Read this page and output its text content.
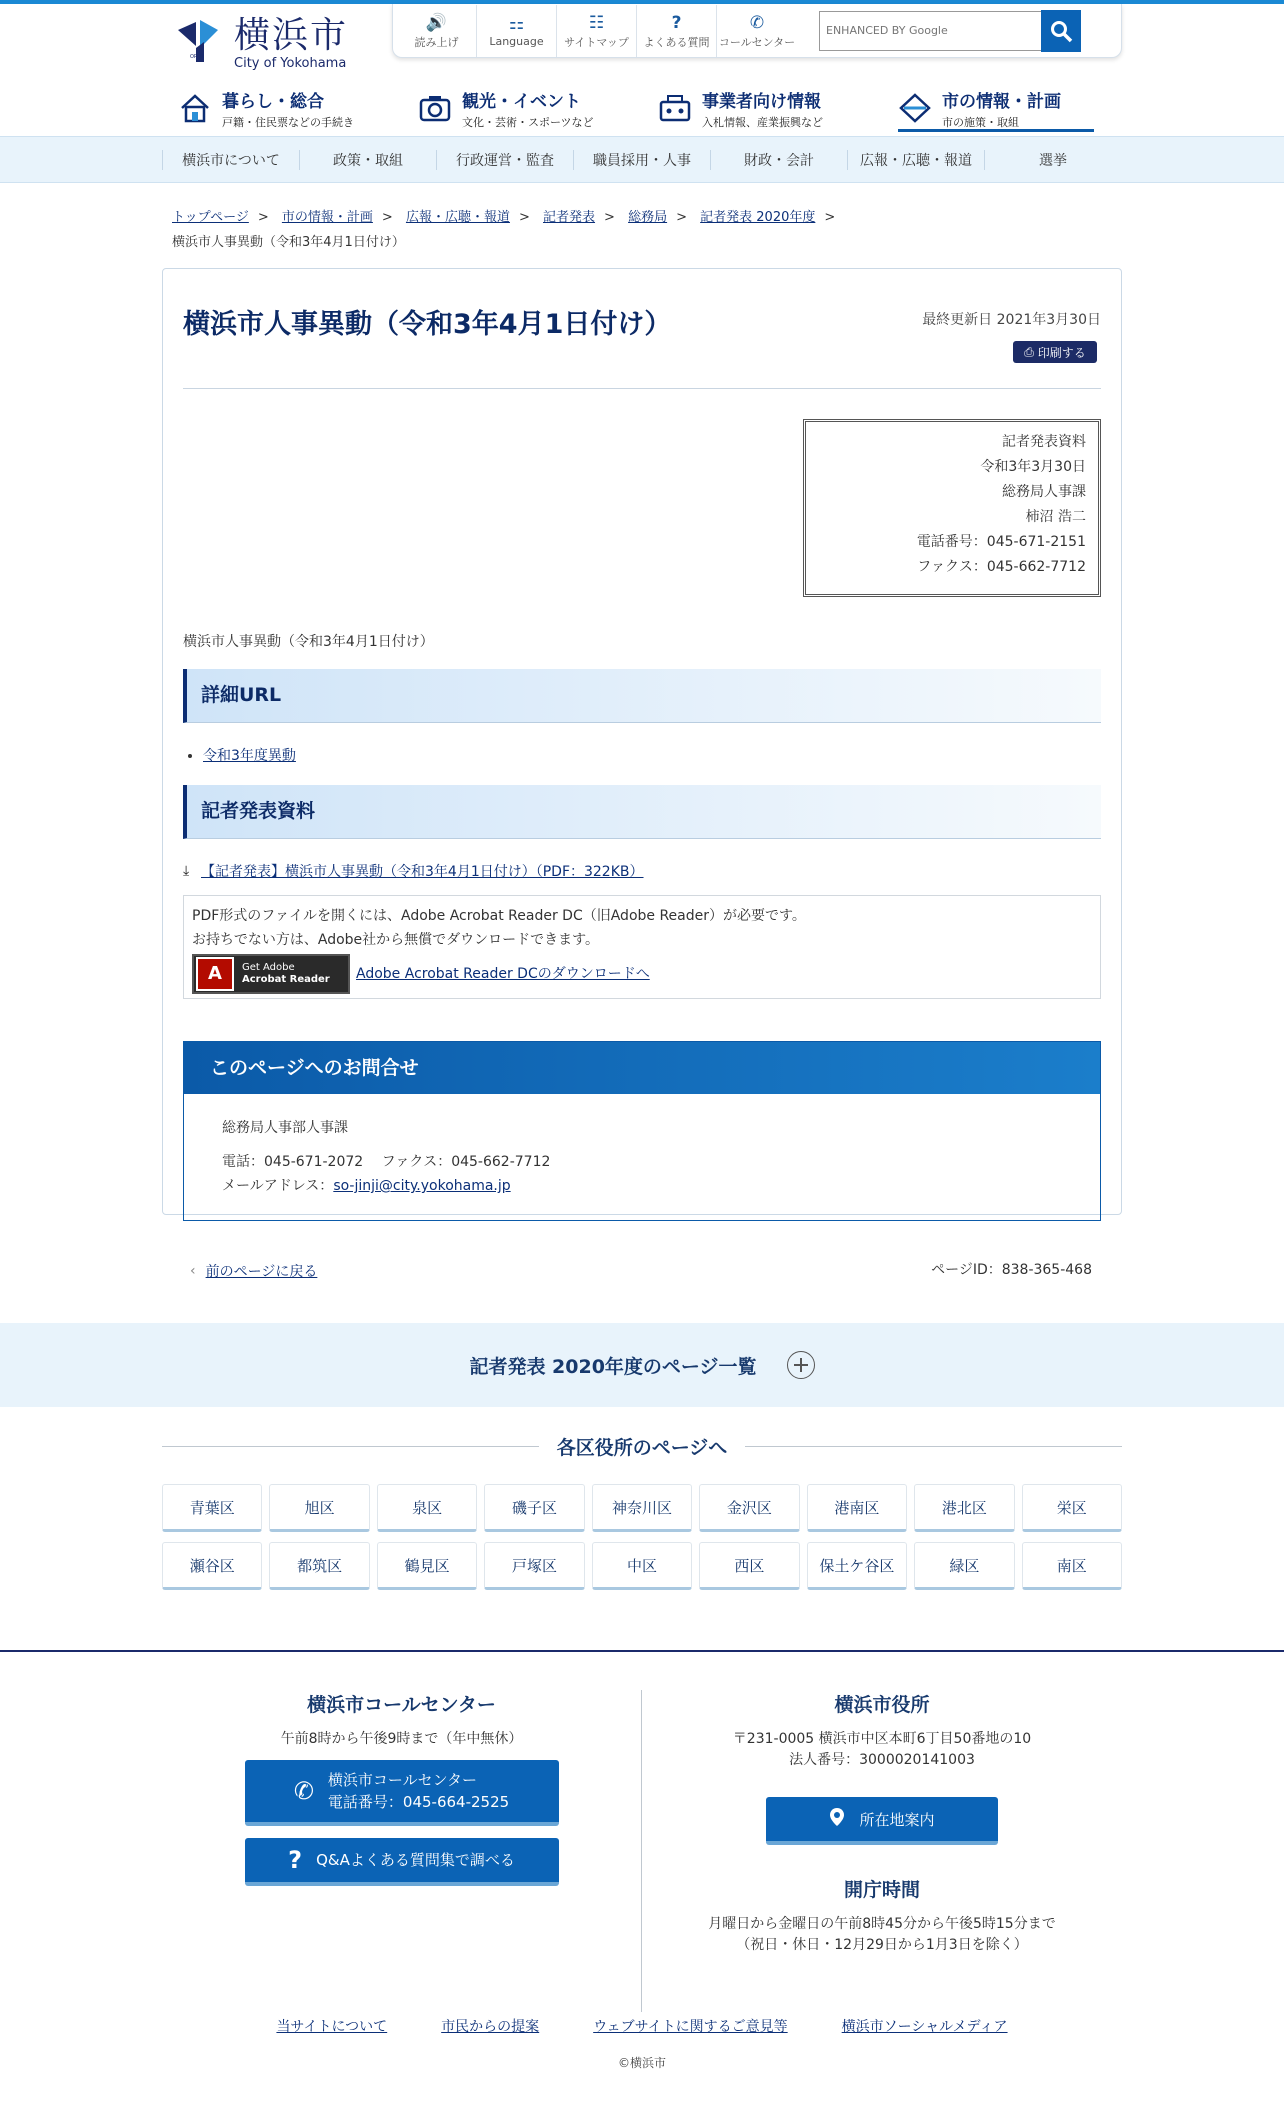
OPEN
横浜市
City of Yokohama
🔊
読み上げ
⚏
Language
☷
サイトマップ
?
よくある質問
✆
コールセンター
ENHANCED BY Google
暮らし・総合
戸籍・住民票などの手続き
観光・イベント
文化・芸術・スポーツなど
事業者向け情報
入札情報、産業振興など
市の情報・計画
市の施策・取組
横浜市について	政策・取組	行政運営・監査	職員採用・人事	財政・会計	広報・広聴・報道	選挙
トップページ > 市の情報・計画 > 広報・広聴・報道 > 記者発表 > 総務局 > 記者発表 2020年度 >
横浜市人事異動（令和3年4月1日付け）
横浜市人事異動（令和3年4月1日付け）	最終更新日 2021年3月30日
⎙ 印刷する
記者発表資料
令和3年3月30日
総務局人事課
柿沼 浩二
電話番号：045-671-2151
ファクス：045-662-7712

横浜市人事異動（令和3年4月1日付け）

詳細URL
• 令和3年度異動
記者発表資料
⤓ 【記者発表】横浜市人事異動（令和3年4月1日付け）（PDF：322KB）
PDF形式のファイルを開くには、Adobe Acrobat Reader DC（旧Adobe Reader）が必要です。
お持ちでない方は、Adobe社から無償でダウンロードできます。
A	Get Adobe
Acrobat Reader Adobe Acrobat Reader DCのダウンロードへ
このページへのお問合せ
総務局人事部人事課
電話：045-671-2072　 ファクス：045-662-7712
メールアドレス：so-jinji@city.yokohama.jp
‹ 前のページに戻る	ページID：838-365-468
記者発表 2020年度のページ一覧
各区役所のページへ
青葉区	旭区	泉区	磯子区	神奈川区	金沢区	港南区	港北区	栄区
瀬谷区	都筑区	鶴見区	戸塚区	中区	西区	保土ケ谷区	緑区	南区
横浜市コールセンター
午前8時から午後9時まで（年中無休）
✆ 横浜市コールセンター
電話番号：045-664-2525
? Q&Aよくある質問集で調べる
横浜市役所
〒231-0005 横浜市中区本町6丁目50番地の10
法人番号：3000020141003
所在地案内
開庁時間
月曜日から金曜日の午前8時45分から午後5時15分まで
（祝日・休日・12月29日から1月3日を除く）
当サイトについて	市民からの提案	ウェブサイトに関するご意見等	横浜市ソーシャルメディア
©横浜市
